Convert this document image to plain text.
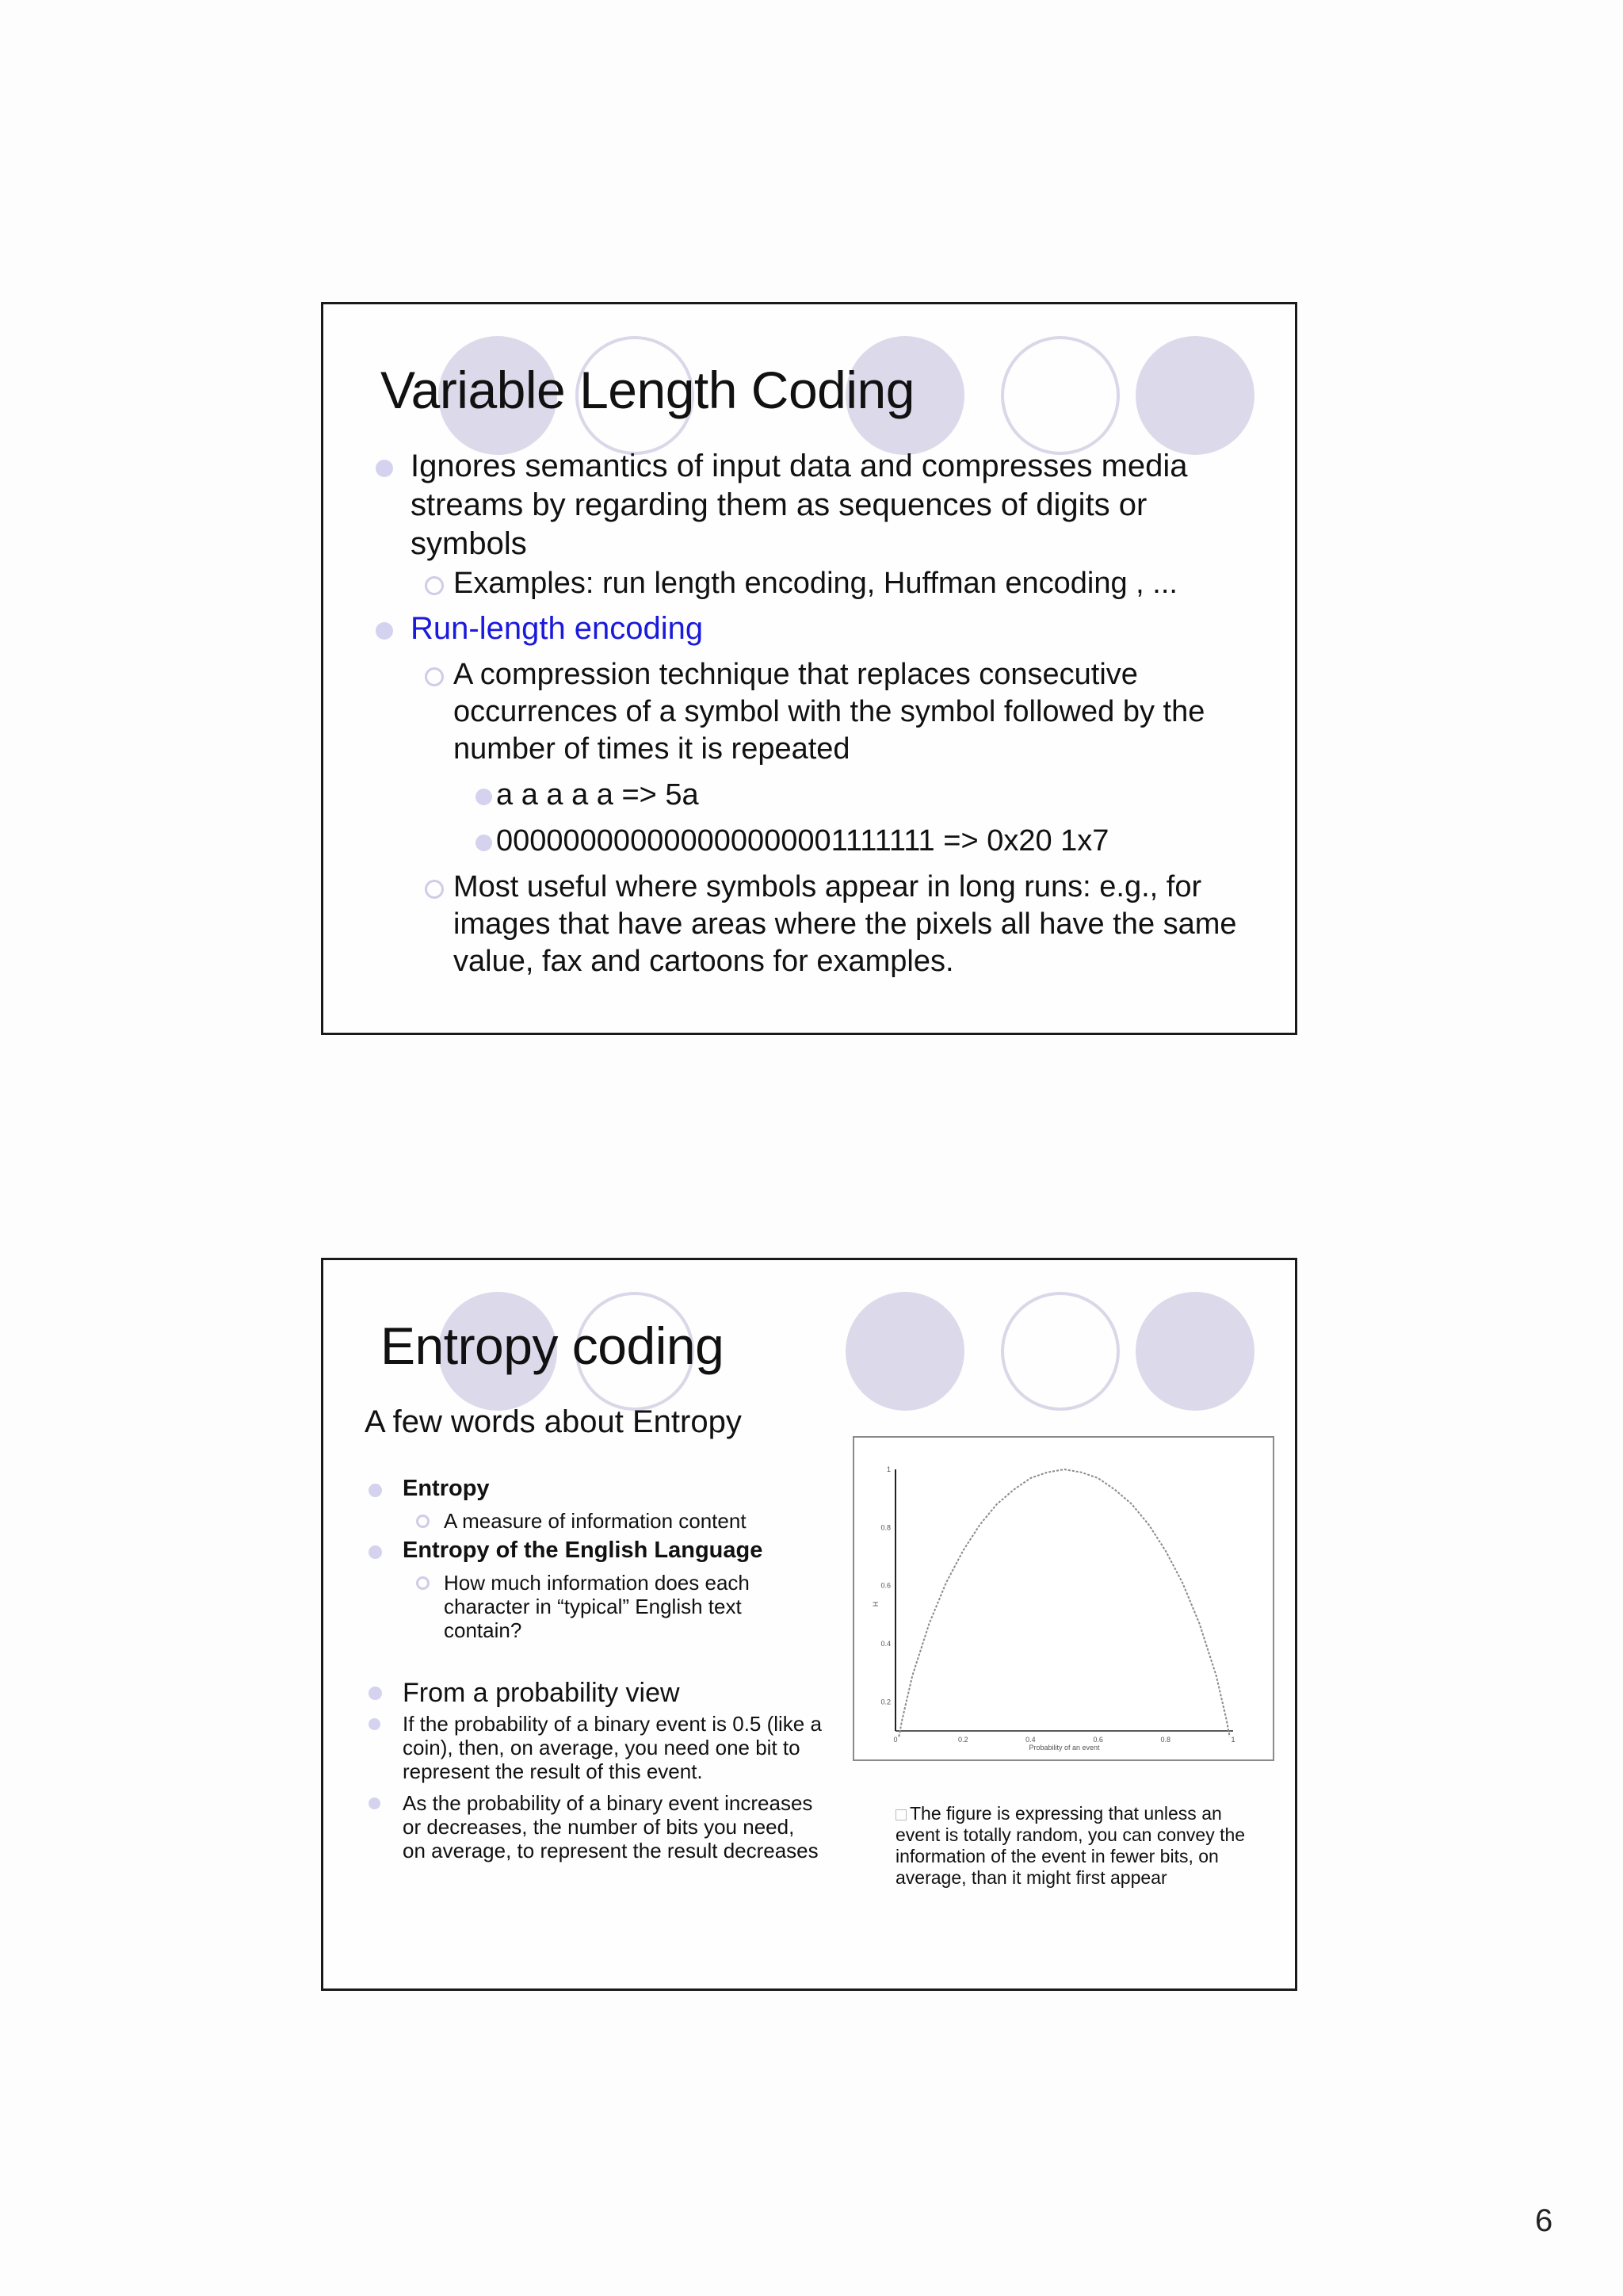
Variable Length Coding
Ignores semantics of input data and compresses media streams by regarding them as sequences of digits or symbols
Examples: run length encoding, Huffman encoding , ...
Run-length encoding
A compression technique that replaces consecutive occurrences of a symbol with the symbol followed by the number of times it is repeated
a a a a a => 5a
000000000000000000001111111 => 0x20 1x7
Most useful where symbols appear in long runs: e.g., for images that have areas where the pixels all have the same value, fax and cartoons for examples.
Entropy coding
A few words about Entropy
Entropy
A measure of information content
Entropy of the English Language
How much information does each character in “typical” English text contain?
From a probability view
If the probability of a binary event is 0.5 (like a coin), then, on average, you need one bit to represent the result of this event.
As the probability of a binary event increases or decreases, the number of bits you need, on average, to represent the result decreases
0	0.2	0.4	0.6	0.8	1
0.2
0.4
0.6
0.8
1
Probability of an event
H
The figure is expressing that unless an event is totally random, you can convey the information of the event in fewer bits, on average, than it might first appear
6
